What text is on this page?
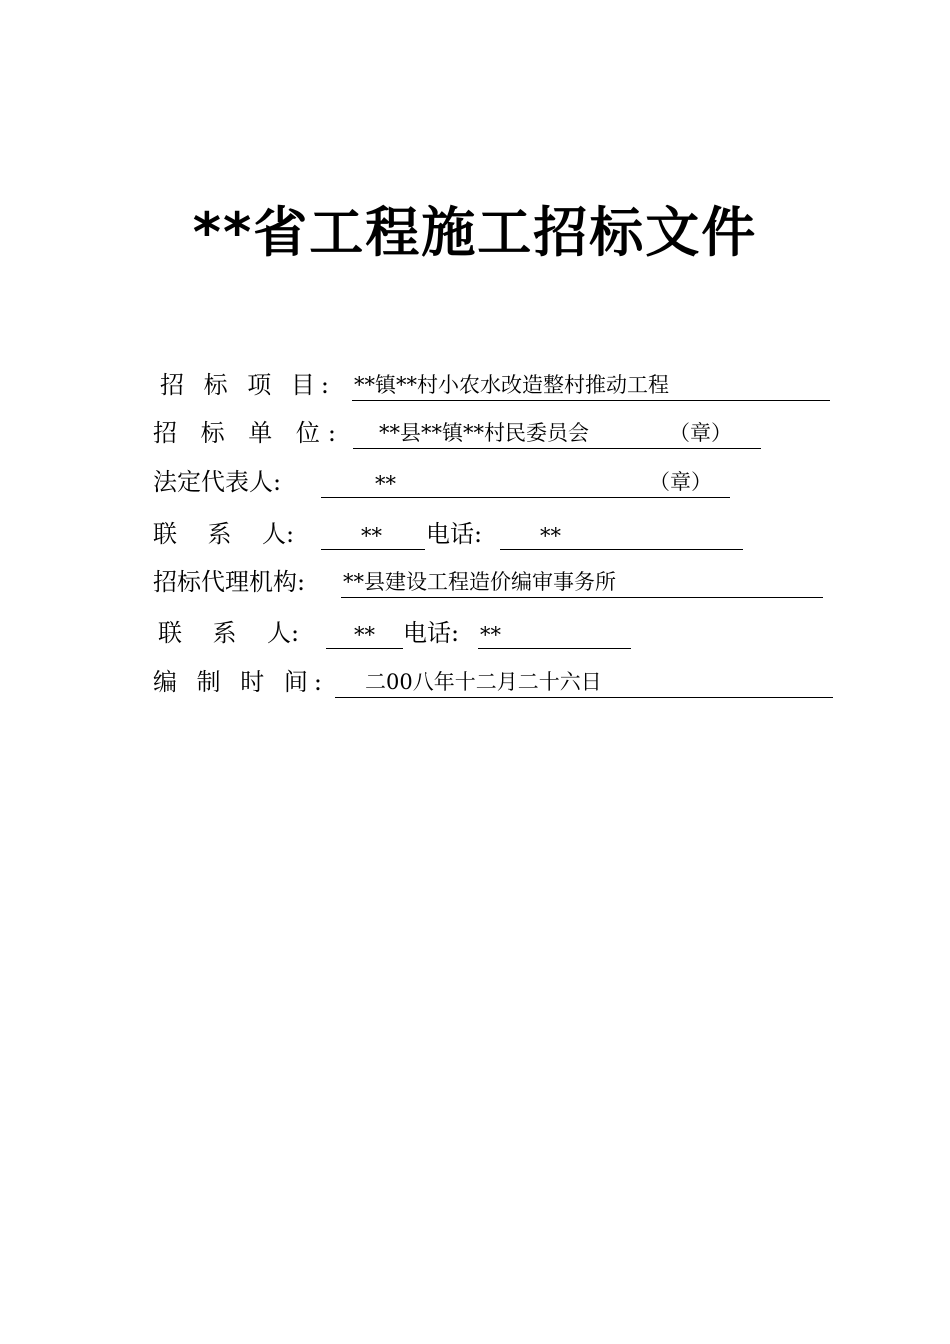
**省工程施工招标文件
招 标 项 目: **镇**村小农水改造整村推动工程
招 标 单 位: **县**镇**村民委员会	（章）
法定代表人:	**	（章）
联    系    人:	** 电话:	**
招标代理机构: **县建设工程造价编审事务所
联    系    人:	** 电话: **
编 制 时 间: 二00八年十二月二十六日
